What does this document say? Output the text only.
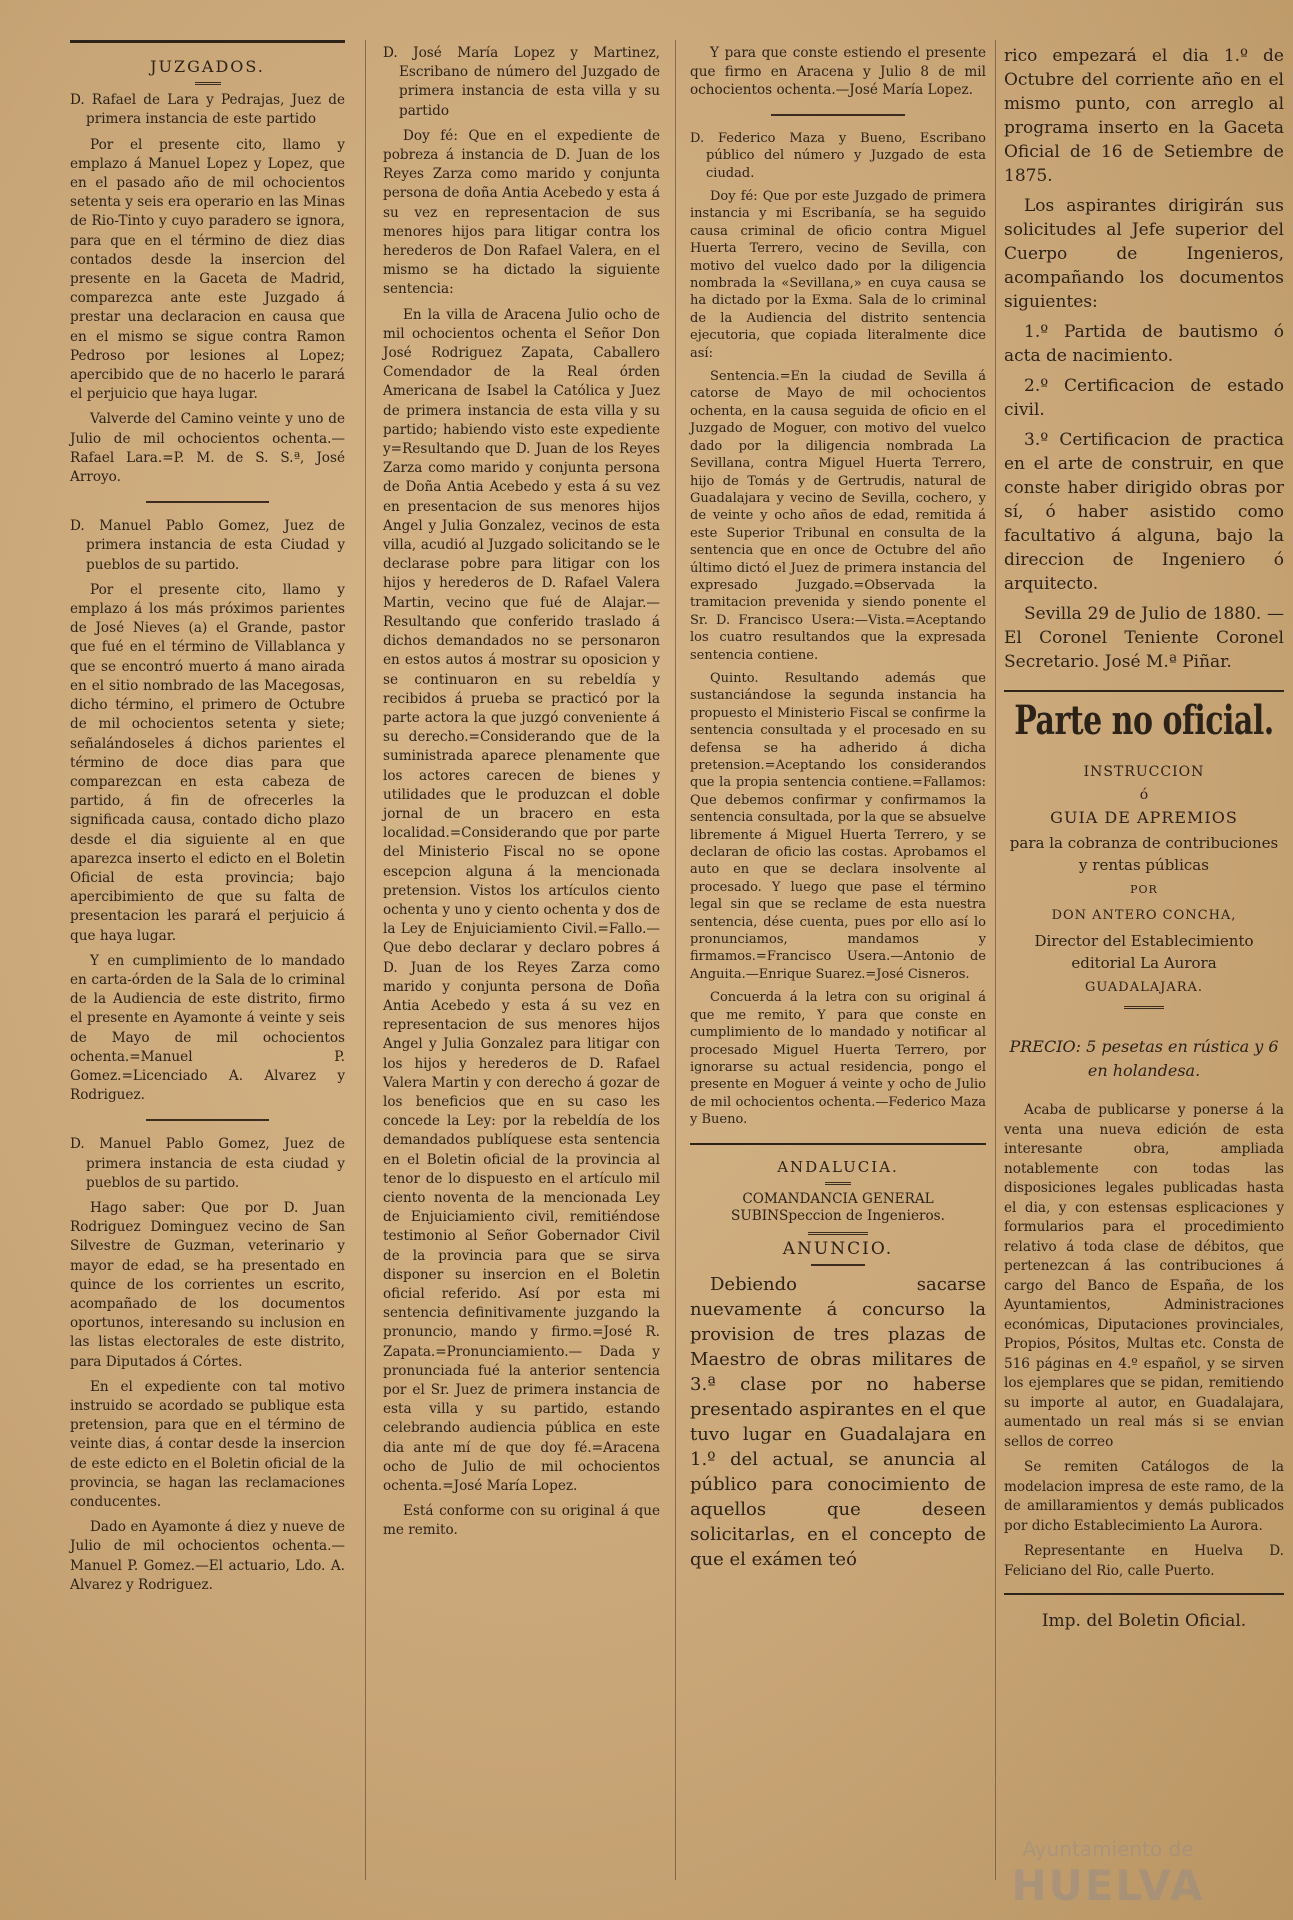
JUZGADOS.

D. Rafael de Lara y Pedrajas, Juez de primera instancia de este partido

Por el presente cito, llamo y emplazo á Manuel Lopez y Lopez, que en el pasado año de mil ochocientos setenta y seis era operario en las Minas de Rio-Tinto y cuyo paradero se ignora, para que en el término de diez dias contados desde la insercion del presente en la Gaceta de Madrid, comparezca ante este Juzgado á prestar una declaracion en causa que en el mismo se sigue contra Ramon Pedroso por lesiones al Lopez; apercibido que de no hacerlo le parará el perjuicio que haya lugar.

Valverde del Camino veinte y uno de Julio de mil ochocientos ochenta.—Rafael Lara.=P. M. de S. S.ª, José Arroyo.

D. Manuel Pablo Gomez, Juez de primera instancia de esta Ciudad y pueblos de su partido.

Por el presente cito, llamo y emplazo á los más próximos parientes de José Nieves (a) el Grande, pastor que fué en el término de Villablanca y que se encontró muerto á mano airada en el sitio nombrado de las Macegosas, dicho término, el primero de Octubre de mil ochocientos setenta y siete; señalándoseles á dichos parientes el término de doce dias para que comparezcan en esta cabeza de partido, á fin de ofrecerles la significada causa, contado dicho plazo desde el dia siguiente al en que aparezca inserto el edicto en el Boletin Oficial de esta provincia; bajo apercibimiento de que su falta de presentacion les parará el perjuicio á que haya lugar.

Y en cumplimiento de lo mandado en carta-órden de la Sala de lo criminal de la Audiencia de este distrito, firmo el presente en Ayamonte á veinte y seis de Mayo de mil ochocientos ochenta.=Manuel P. Gomez.=Licenciado A. Alvarez y Rodriguez.

D. Manuel Pablo Gomez, Juez de primera instancia de esta ciudad y pueblos de su partido.

Hago saber: Que por D. Juan Rodriguez Dominguez vecino de San Silvestre de Guzman, veterinario y mayor de edad, se ha presentado en quince de los corrientes un escrito, acompañado de los documentos oportunos, interesando su inclusion en las listas electorales de este distrito, para Diputados á Córtes.

En el expediente con tal motivo instruido se acordado se publique esta pretension, para que en el término de veinte dias, á contar desde la insercion de este edicto en el Boletin oficial de la provincia, se hagan las reclamaciones conducentes.

Dado en Ayamonte á diez y nueve de Julio de mil ochocientos ochenta.—Manuel P. Gomez.—El actuario, Ldo. A. Alvarez y Rodriguez.

D. José María Lopez y Martinez, Escribano de número del Juzgado de primera instancia de esta villa y su partido

Doy fé: Que en el expediente de pobreza á instancia de D. Juan de los Reyes Zarza como marido y conjunta persona de doña Antia Acebedo y esta á su vez en representacion de sus menores hijos para litigar contra los herederos de Don Rafael Valera, en el mismo se ha dictado la siguiente sentencia:

En la villa de Aracena Julio ocho de mil ochocientos ochenta el Señor Don José Rodriguez Zapata, Caballero Comendador de la Real órden Americana de Isabel la Católica y Juez de primera instancia de esta villa y su partido; habiendo visto este expediente y=Resultando que D. Juan de los Reyes Zarza como marido y conjunta persona de Doña Antia Acebedo y esta á su vez en presentacion de sus menores hijos Angel y Julia Gonzalez, vecinos de esta villa, acudió al Juzgado solicitando se le declarase pobre para litigar con los hijos y herederos de D. Rafael Valera Martin, vecino que fué de Alajar.—Resultando que conferido traslado á dichos demandados no se personaron en estos autos á mostrar su oposicion y se continuaron en su rebeldía y recibidos á prueba se practicó por la parte actora la que juzgó conveniente á su derecho.=Considerando que de la suministrada aparece plenamente que los actores carecen de bienes y utilidades que le produzcan el doble jornal de un bracero en esta localidad.=Considerando que por parte del Ministerio Fiscal no se opone escepcion alguna á la mencionada pretension. Vistos los artículos ciento ochenta y uno y ciento ochenta y dos de la Ley de Enjuiciamiento Civil.=Fallo.—Que debo declarar y declaro pobres á D. Juan de los Reyes Zarza como marido y conjunta persona de Doña Antia Acebedo y esta á su vez en representacion de sus menores hijos Angel y Julia Gonzalez para litigar con los hijos y herederos de D. Rafael Valera Martin y con derecho á gozar de los beneficios que en su caso les concede la Ley: por la rebeldía de los demandados publíquese esta sentencia en el Boletin oficial de la provincia al tenor de lo dispuesto en el artículo mil ciento noventa de la mencionada Ley de Enjuiciamiento civil, remitiéndose testimonio al Señor Gobernador Civil de la provincia para que se sirva disponer su insercion en el Boletin oficial referido. Así por esta mi sentencia definitivamente juzgando la pronuncio, mando y firmo.=José R. Zapata.=Pronunciamiento.— Dada y pronunciada fué la anterior sentencia por el Sr. Juez de primera instancia de esta villa y su partido, estando celebrando audiencia pública en este dia ante mí de que doy fé.=Aracena ocho de Julio de mil ochocientos ochenta.=José María Lopez.

Está conforme con su original á que me remito.

Y para que conste estiendo el presente que firmo en Aracena y Julio 8 de mil ochocientos ochenta.—José María Lopez.

D. Federico Maza y Bueno, Escribano público del número y Juzgado de esta ciudad.

Doy fé: Que por este Juzgado de primera instancia y mi Escribanía, se ha seguido causa criminal de oficio contra Miguel Huerta Terrero, vecino de Sevilla, con motivo del vuelco dado por la diligencia nombrada la «Sevillana,» en cuya causa se ha dictado por la Exma. Sala de lo criminal de la Audiencia del distrito sentencia ejecutoria, que copiada literalmente dice así:

Sentencia.=En la ciudad de Sevilla á catorse de Mayo de mil ochocientos ochenta, en la causa seguida de oficio en el Juzgado de Moguer, con motivo del vuelco dado por la diligencia nombrada La Sevillana, contra Miguel Huerta Terrero, hijo de Tomás y de Gertrudis, natural de Guadalajara y vecino de Sevilla, cochero, y de veinte y ocho años de edad, remitida á este Superior Tribunal en consulta de la sentencia que en once de Octubre del año último dictó el Juez de primera instancia del expresado Juzgado.=Observada la tramitacion prevenida y siendo ponente el Sr. D. Francisco Usera:—Vista.=Aceptando los cuatro resultandos que la expresada sentencia contiene.

Quinto. Resultando además que sustanciándose la segunda instancia ha propuesto el Ministerio Fiscal se confirme la sentencia consultada y el procesado en su defensa se ha adherido á dicha pretension.=Aceptando los considerandos que la propia sentencia contiene.=Fallamos: Que debemos confirmar y confirmamos la sentencia consultada, por la que se absuelve libremente á Miguel Huerta Terrero, y se declaran de oficio las costas. Aprobamos el auto en que se declara insolvente al procesado. Y luego que pase el término legal sin que se reclame de esta nuestra sentencia, dése cuenta, pues por ello así lo pronunciamos, mandamos y firmamos.=Francisco Usera.—Antonio de Anguita.—Enrique Suarez.=José Cisneros.

Concuerda á la letra con su original á que me remito, Y para que conste en cumplimiento de lo mandado y notificar al procesado Miguel Huerta Terrero, por ignorarse su actual residencia, pongo el presente en Moguer á veinte y ocho de Julio de mil ochocientos ochenta.—Federico Maza y Bueno.

ANDALUCIA.
COMANDANCIA GENERAL SUBINSpeccion de Ingenieros.
ANUNCIO.

Debiendo sacarse nuevamente á concurso la provision de tres plazas de Maestro de obras militares de 3.ª clase por no haberse presentado aspirantes en el que tuvo lugar en Guadalajara en 1.º del actual, se anuncia al público para conocimiento de aquellos que deseen solicitarlas, en el concepto de que el exámen teó

rico empezará el dia 1.º de Octubre del corriente año en el mismo punto, con arreglo al programa inserto en la Gaceta Oficial de 16 de Setiembre de 1875.

Los aspirantes dirigirán sus solicitudes al Jefe superior del Cuerpo de Ingenieros, acompañando los documentos siguientes:

1.º Partida de bautismo ó acta de nacimiento.

2.º Certificacion de estado civil.

3.º Certificacion de practica en el arte de construir, en que conste haber dirigido obras por sí, ó haber asistido como facultativo á alguna, bajo la direccion de Ingeniero ó arquitecto.

Sevilla 29 de Julio de 1880. —El Coronel Teniente Coronel Secretario. José M.ª Piñar.

Parte no oficial.
INSTRUCCION
ó
GUIA DE APREMIOS
para la cobranza de contribuciones y rentas públicas
POR
DON ANTERO CONCHA,
Director del Establecimiento editorial La Aurora
GUADALAJARA.
PRECIO: 5 pesetas en rústica y 6 en holandesa.

Acaba de publicarse y ponerse á la venta una nueva edición de esta interesante obra, ampliada notablemente con todas las disposiciones legales publicadas hasta el dia, y con estensas esplicaciones y formularios para el procedimiento relativo á toda clase de débitos, que pertenezcan á las contribuciones á cargo del Banco de España, de los Ayuntamientos, Administraciones económicas, Diputaciones provinciales, Propios, Pósitos, Multas etc. Consta de 516 páginas en 4.º español, y se sirven los ejemplares que se pidan, remitiendo su importe al autor, en Guadalajara, aumentado un real más si se envian sellos de correo

Se remiten Catálogos de la modelacion impresa de este ramo, de la de amillaramientos y demás publicados por dicho Establecimiento La Aurora.

Representante en Huelva D. Feliciano del Rio, calle Puerto.

Imp. del Boletin Oficial.
Ayuntamiento de
HUELVA
